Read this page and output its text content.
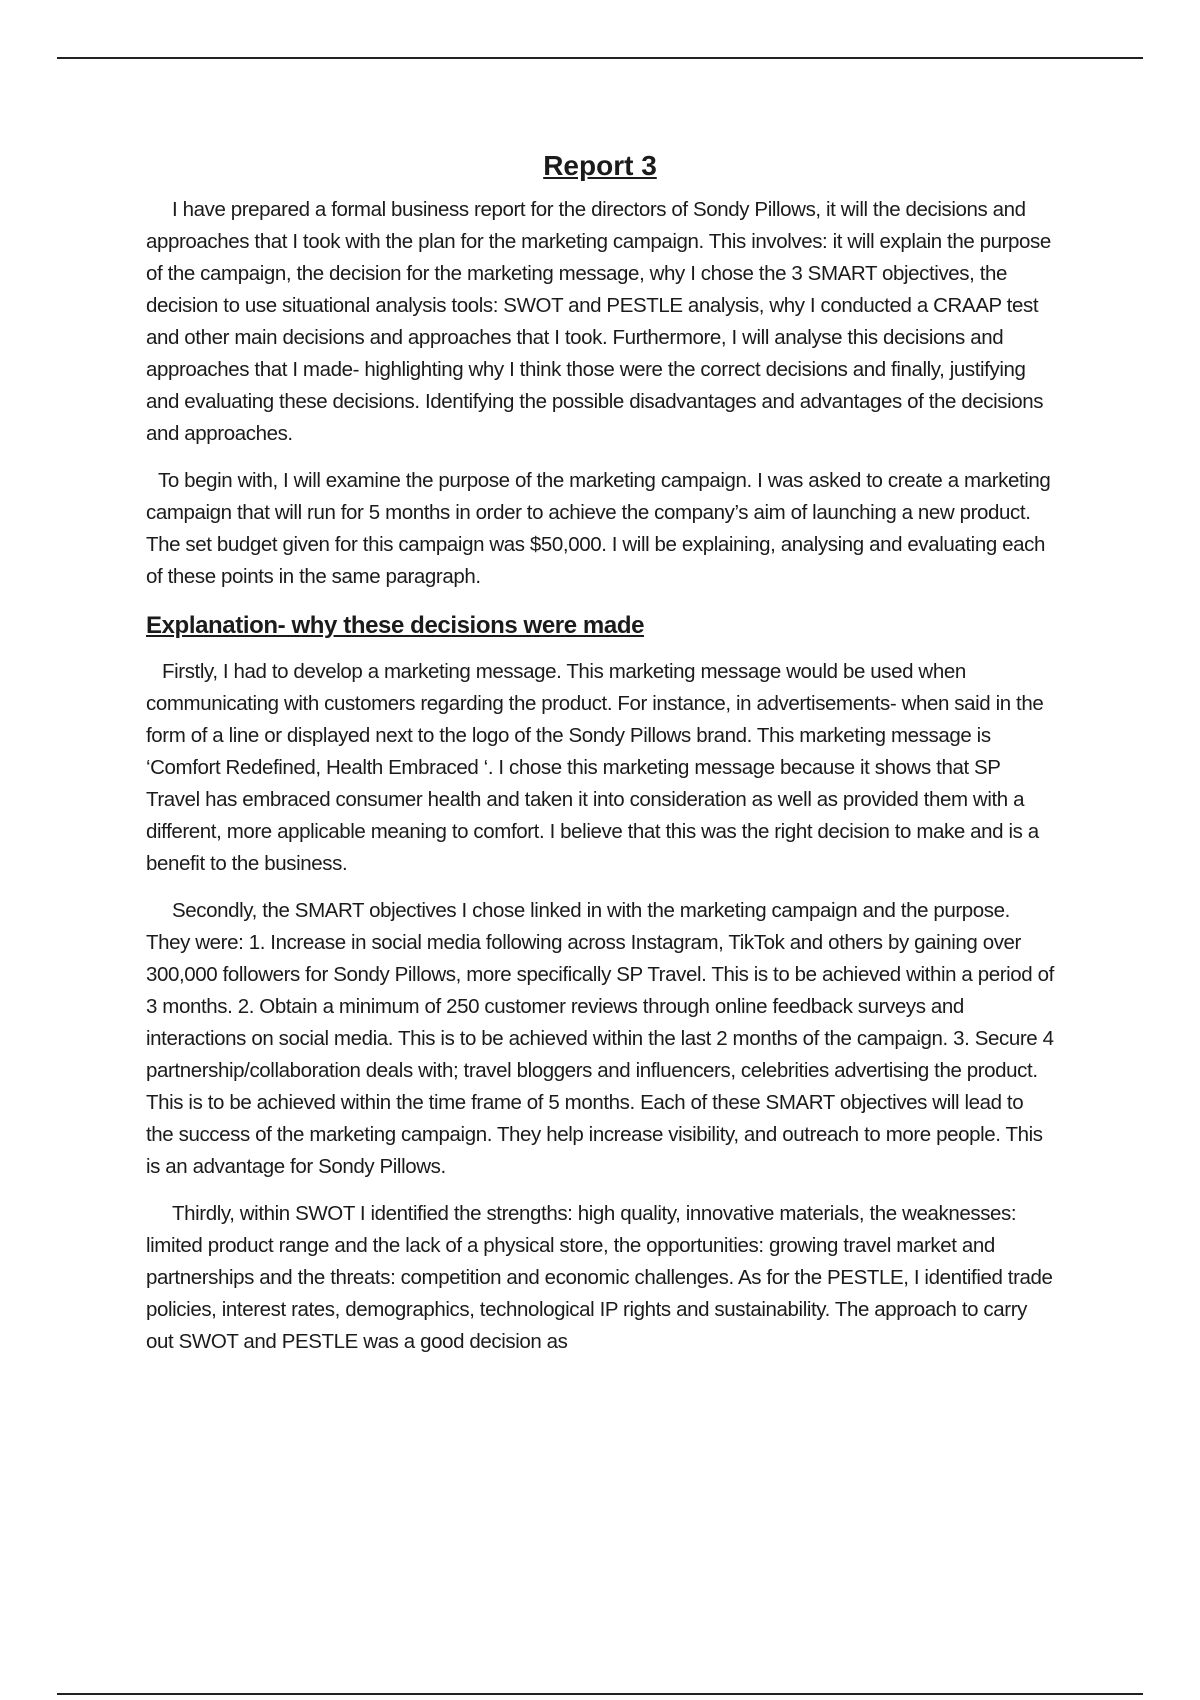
Report 3

I have prepared a formal business report for the directors of Sondy Pillows, it will the decisions and approaches that I took with the plan for the marketing campaign. This involves: it will explain the purpose of the campaign, the decision for the marketing message, why I chose the 3 SMART objectives, the decision to use situational analysis tools: SWOT and PESTLE analysis, why I conducted a CRAAP test and other main decisions and approaches that I took. Furthermore, I will analyse this decisions and approaches that I made- highlighting why I think those were the correct decisions and finally, justifying and evaluating these decisions. Identifying the possible disadvantages and advantages of the decisions and approaches.

To begin with, I will examine the purpose of the marketing campaign. I was asked to create a marketing campaign that will run for 5 months in order to achieve the company’s aim of launching a new product. The set budget given for this campaign was $50,000. I will be explaining, analysing and evaluating each of these points in the same paragraph.

Explanation- why these decisions were made

Firstly, I had to develop a marketing message. This marketing message would be used when communicating with customers regarding the product. For instance, in advertisements- when said in the form of a line or displayed next to the logo of the Sondy Pillows brand. This marketing message is ‘Comfort Redefined, Health Embraced ‘. I chose this marketing message because it shows that SP Travel has embraced consumer health and taken it into consideration as well as provided them with a different, more applicable meaning to comfort. I believe that this was the right decision to make and is a benefit to the business.

Secondly, the SMART objectives I chose linked in with the marketing campaign and the purpose. They were: 1. Increase in social media following across Instagram, TikTok and others by gaining over 300,000 followers for Sondy Pillows, more specifically SP Travel. This is to be achieved within a period of 3 months. 2. Obtain a minimum of 250 customer reviews through online feedback surveys and interactions on social media. This is to be achieved within the last 2 months of the campaign. 3. Secure 4 partnership/collaboration deals with; travel bloggers and influencers, celebrities advertising the product. This is to be achieved within the time frame of 5 months. Each of these SMART objectives will lead to the success of the marketing campaign. They help increase visibility, and outreach to more people. This is an advantage for Sondy Pillows.

Thirdly, within SWOT I identified the strengths: high quality, innovative materials, the weaknesses: limited product range and the lack of a physical store, the opportunities: growing travel market and partnerships and the threats: competition and economic challenges. As for the PESTLE, I identified trade policies, interest rates, demographics, technological IP rights and sustainability. The approach to carry out SWOT and PESTLE was a good decision as
